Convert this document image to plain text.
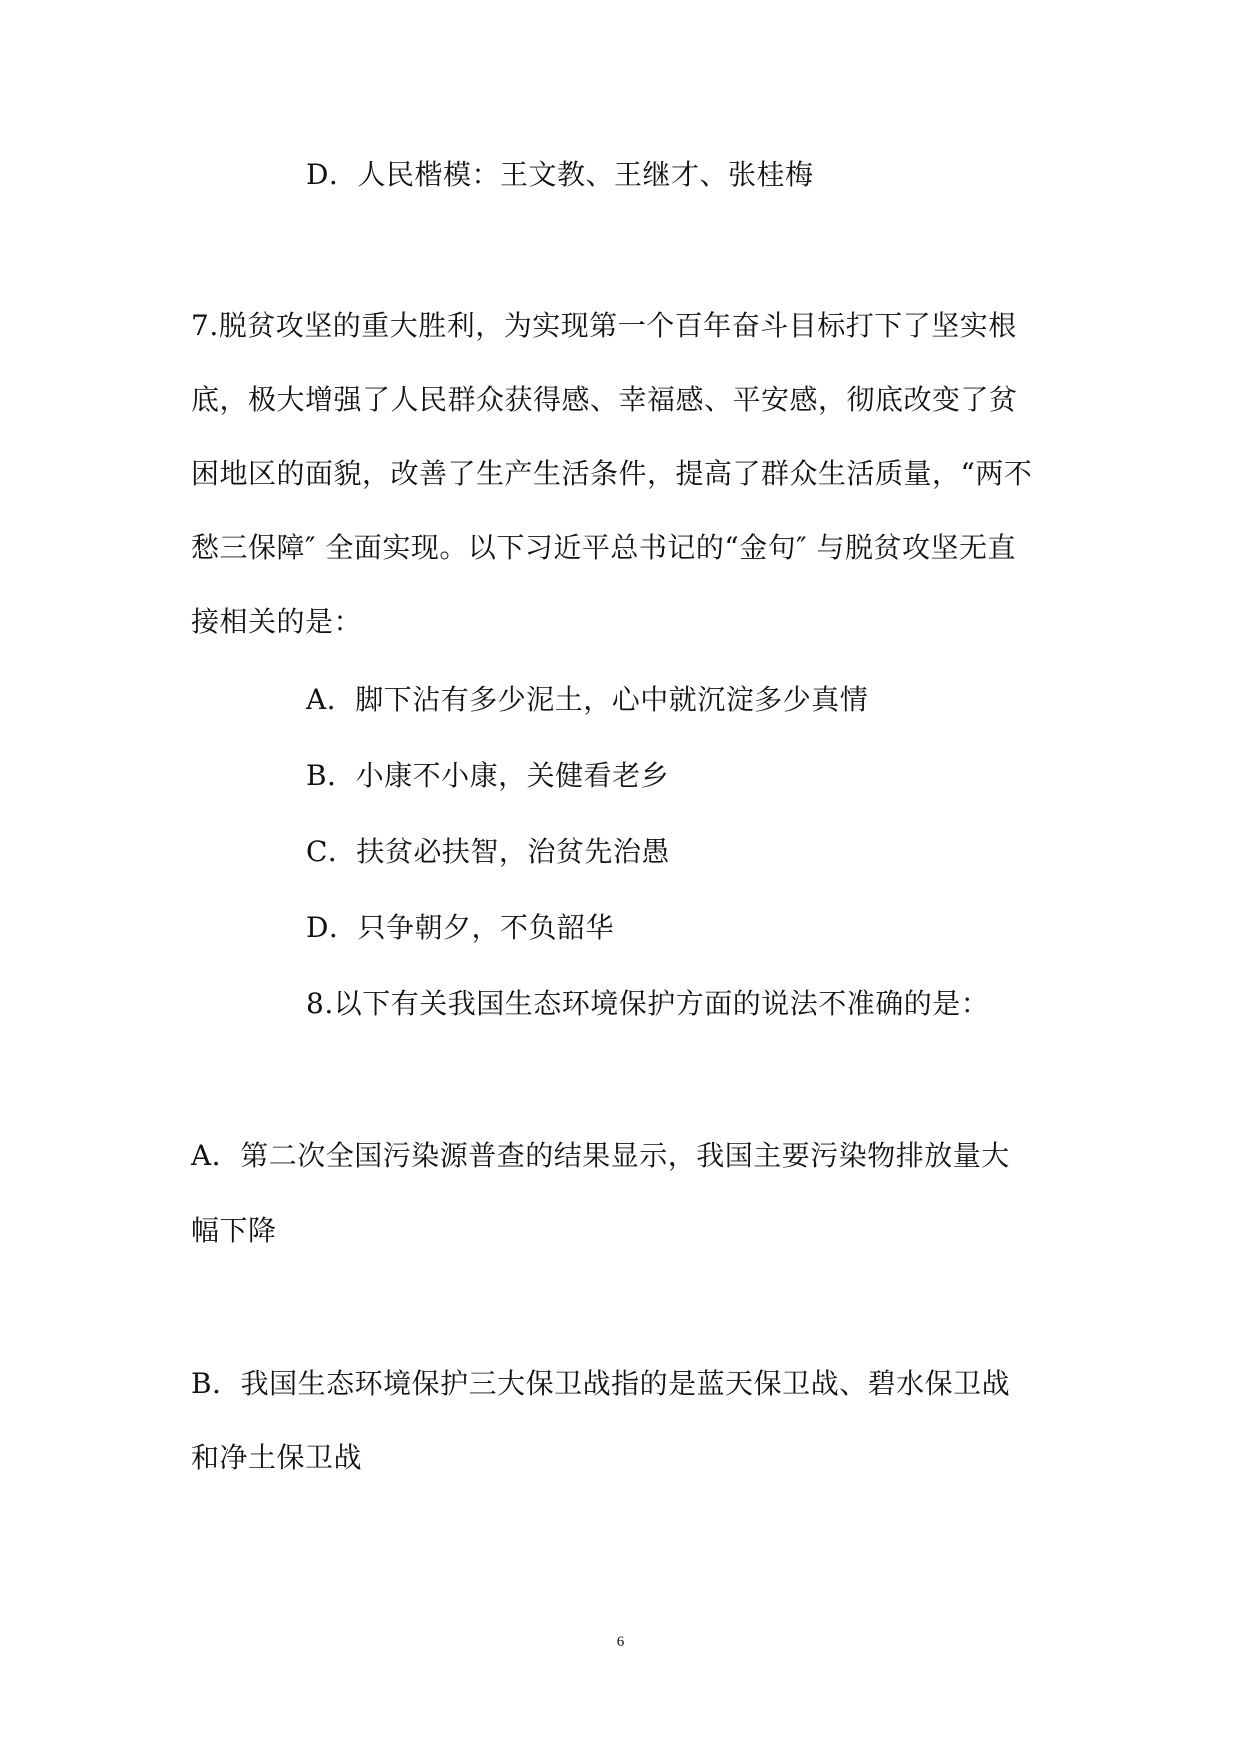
D．人民楷模：王文教、王继才、张桂梅
7.脱贫攻坚的重大胜利，为实现第一个百年奋斗目标打下了坚实根
底，极大增强了人民群众获得感、幸福感、平安感，彻底改变了贫
困地区的面貌，改善了生产生活条件，提高了群众生活质量，“两不
愁三保障″ 全面实现。以下习近平总书记的“金句″ 与脱贫攻坚无直
接相关的是：
A．脚下沾有多少泥土，心中就沉淀多少真情
B．小康不小康，关健看老乡
C．扶贫必扶智，治贫先治愚
D．只争朝夕，不负韶华
8.以下有关我国生态环境保护方面的说法不准确的是：
A．第二次全国污染源普查的结果显示，我国主要污染物排放量大
幅下降
B．我国生态环境保护三大保卫战指的是蓝天保卫战、碧水保卫战
和净土保卫战
6
